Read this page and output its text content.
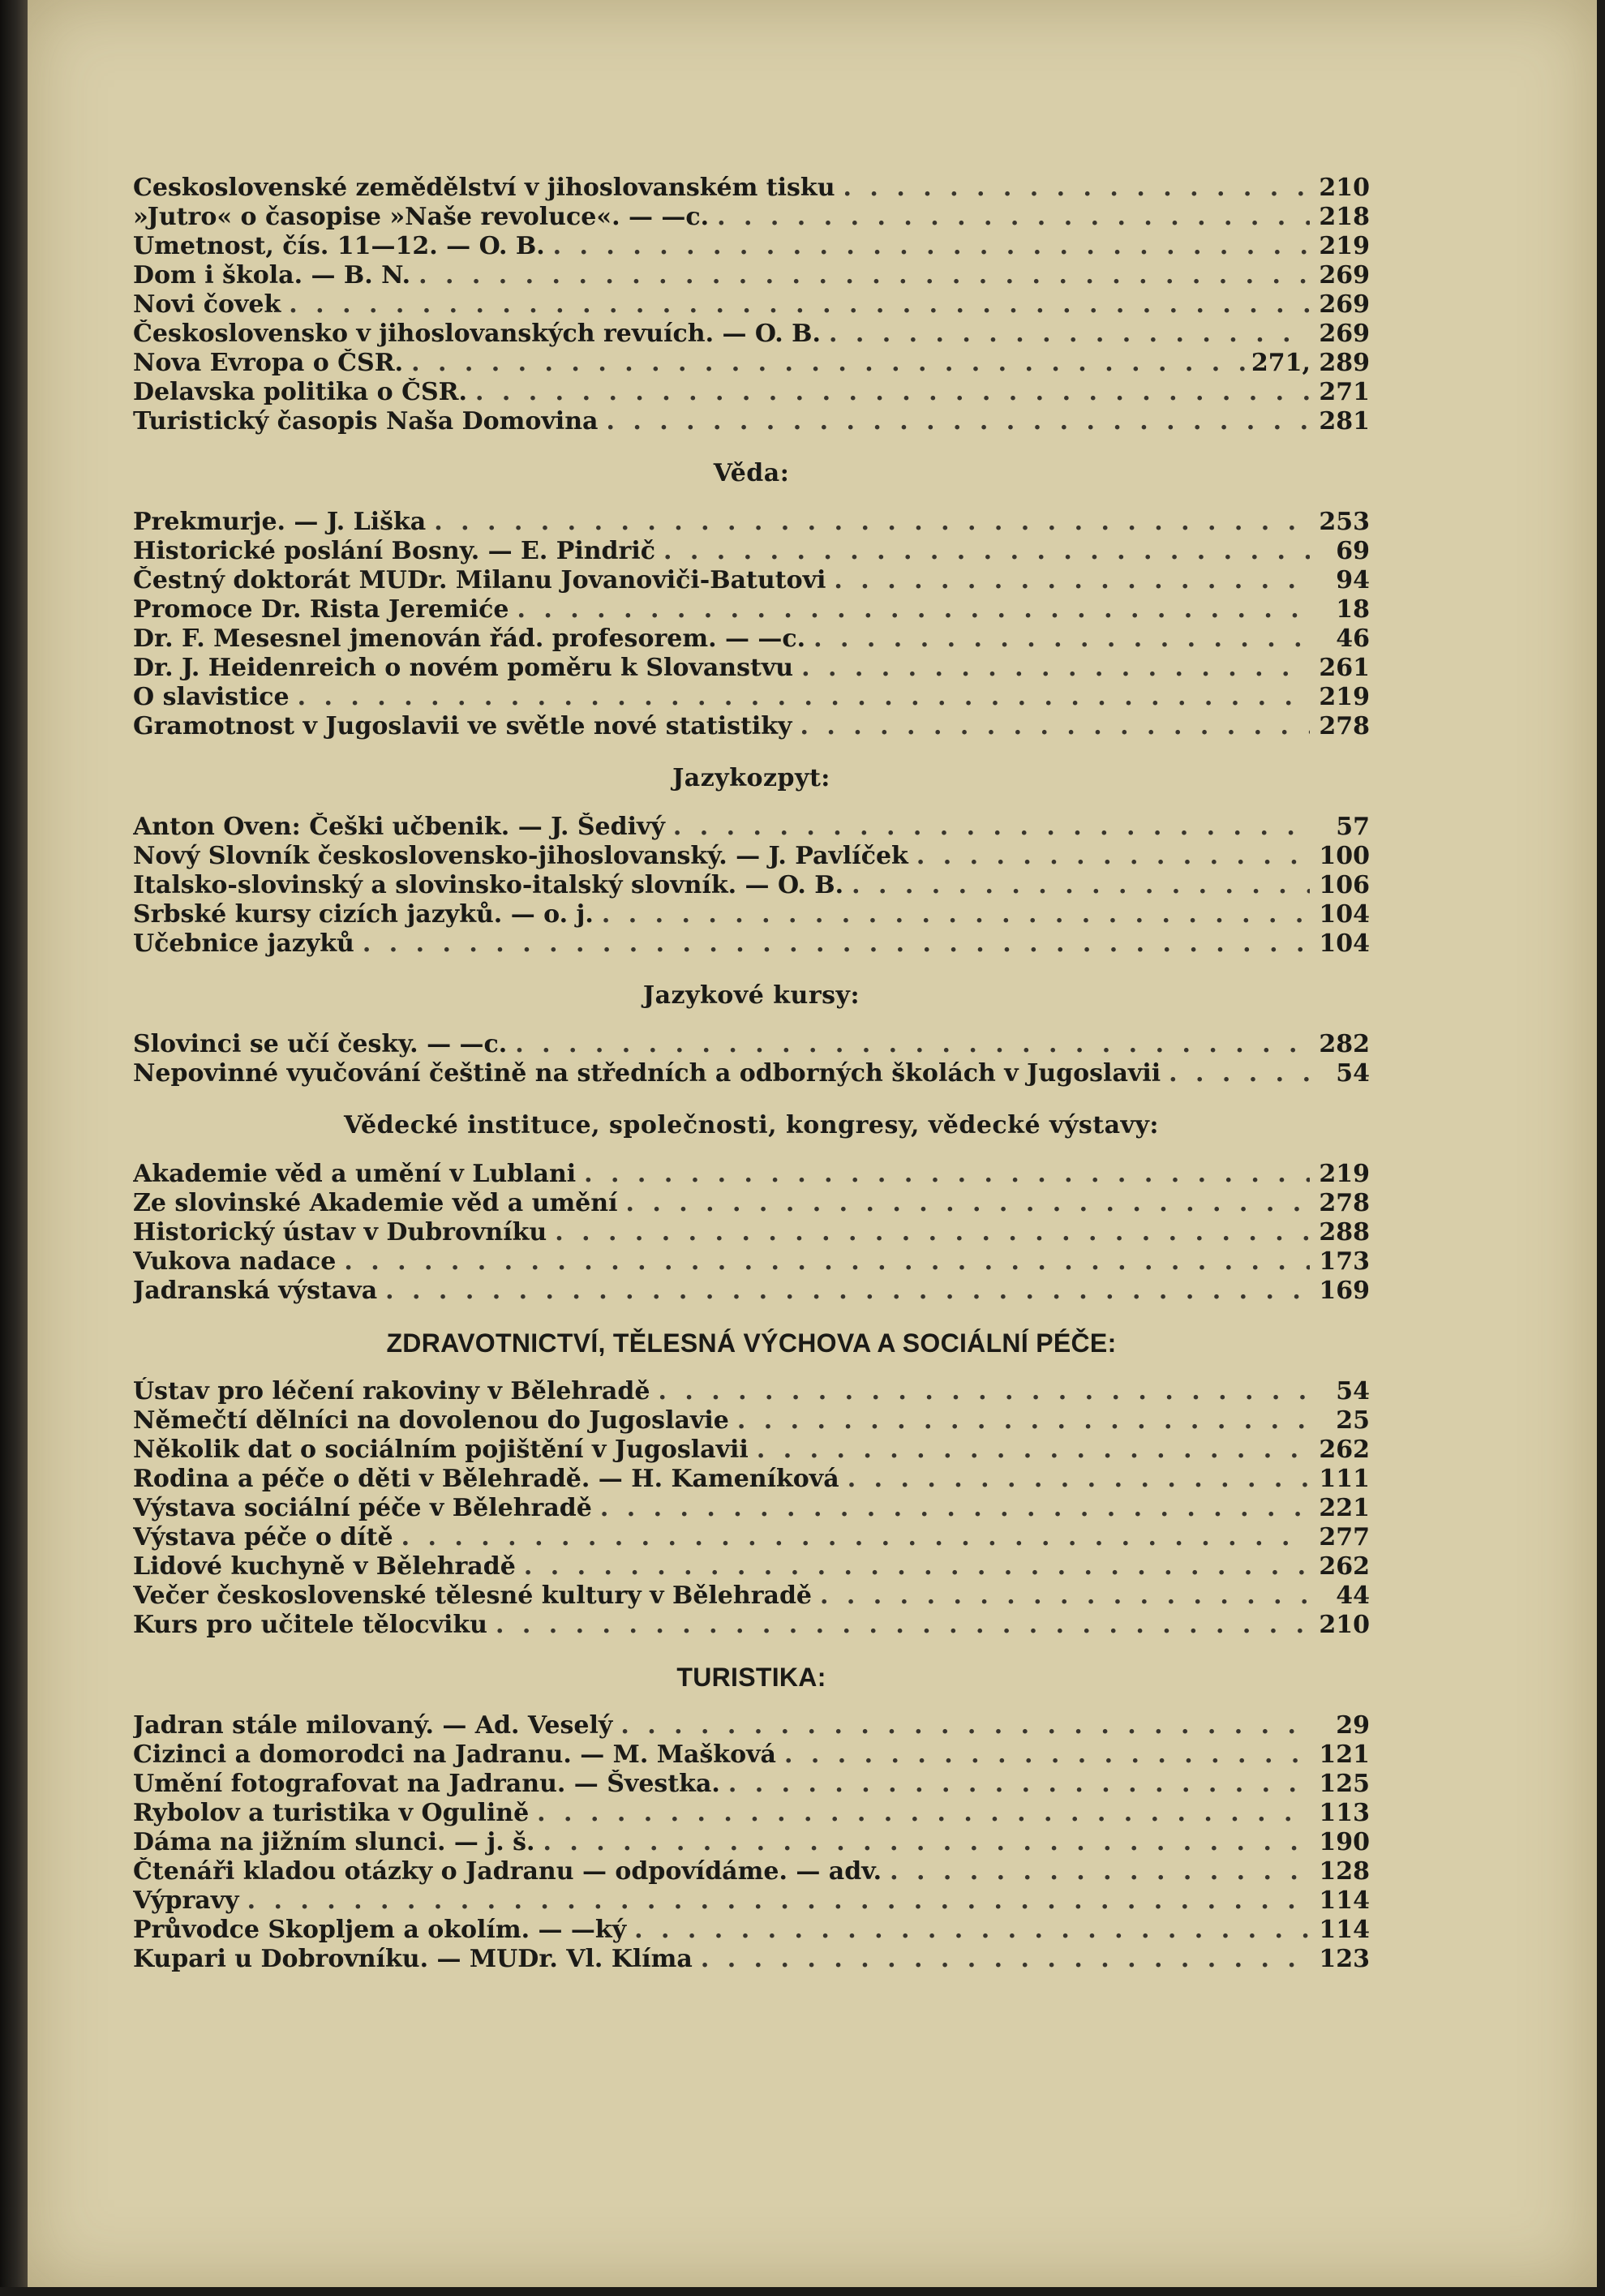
Ceskoslovenské zemědělství v jihoslovanském tisku . . .	210
»Jutro« o časopise »Naše revoluce«. — —c. . . .	218
Umetnost, čís. 11—12. — O. B. . . .	219
Dom i škola. — B. N. . . .	269
Novi čovek . . .	269
Československo v jihoslovanských revuích. — O. B. . . .	269
Nova Evropa o ČSR. . . .	271, 289
Delavska politika o ČSR. . . .	271
Turistický časopis Naša Domovina . . .	281
Věda:
Prekmurje. — J. Liška . . .	253
Historické poslání Bosny. — E. Pindrič . . .	69
Čestný doktorát MUDr. Milanu Jovanoviči-Batutovi . . .	94
Promoce Dr. Rista Jeremiće . . .	18
Dr. F. Mesesnel jmenován řád. profesorem. — —c. . . .	46
Dr. J. Heidenreich o novém poměru k Slovanstvu . . .	261
O slavistice . . .	219
Gramotnost v Jugoslavii ve světle nové statistiky . . .	278
Jazykozpyt:
Anton Oven: Češki učbenik. — J. Šedivý . . .	57
Nový Slovník československo-jihoslovanský. — J. Pavlíček . . .	100
Italsko-slovinský a slovinsko-italský slovník. — O. B. . . .	106
Srbské kursy cizích jazyků. — o. j. . . .	104
Učebnice jazyků . . .	104
Jazykové kursy:
Slovinci se učí česky. — —c. . . .	282
Nepovinné vyučování češtině na středních a odborných školách v Jugoslavii . . .	54
Vědecké instituce, společnosti, kongresy, vědecké výstavy:
Akademie věd a umění v Lublani . . .	219
Ze slovinské Akademie věd a umění . . .	278
Historický ústav v Dubrovníku . . .	288
Vukova nadace . . .	173
Jadranská výstava . . .	169
ZDRAVOTNICTVÍ, TĚLESNÁ VÝCHOVA A SOCIÁLNÍ PÉČE:
Ústav pro léčení rakoviny v Bělehradě . . .	54
Němečtí dělníci na dovolenou do Jugoslavie . . .	25
Několik dat o sociálním pojištění v Jugoslavii . . .	262
Rodina a péče o děti v Bělehradě. — H. Kameníková . . .	111
Výstava sociální péče v Bělehradě . . .	221
Výstava péče o dítě . . .	277
Lidové kuchyně v Bělehradě . . .	262
Večer československé tělesné kultury v Bělehradě . . .	44
Kurs pro učitele tělocviku . . .	210
TURISTIKA:
Jadran stále milovaný. — Ad. Veselý . . .	29
Cizinci a domorodci na Jadranu. — M. Mašková . . .	121
Umění fotografovat na Jadranu. — Švestka. . . .	125
Rybolov a turistika v Ogulině . . .	113
Dáma na jižním slunci. — j. š. . . .	190
Čtenáři kladou otázky o Jadranu — odpovídáme. — adv. . . .	128
Výpravy . . .	114
Průvodce Skopljem a okolím. — —ký . . .	114
Kupari u Dobrovníku. — MUDr. Vl. Klíma . . .	123
